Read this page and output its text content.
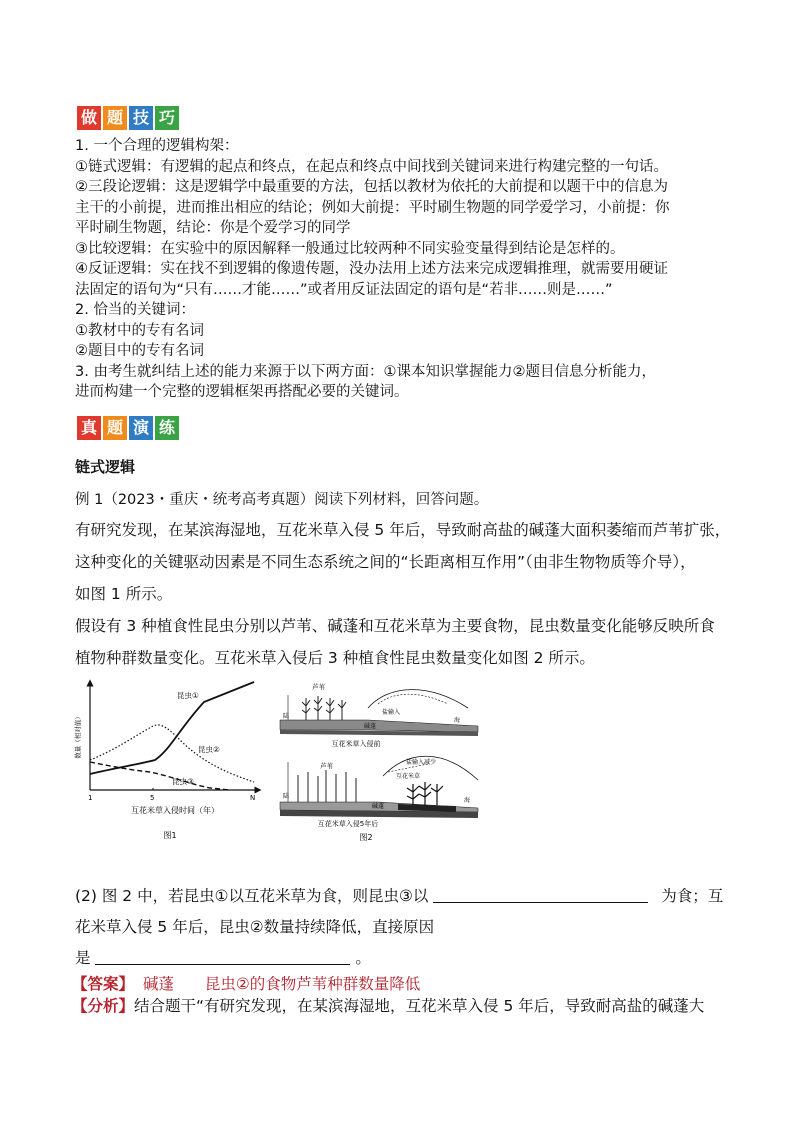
做 题 技 巧
1. 一个合理的逻辑构架：
①链式逻辑：有逻辑的起点和终点，在起点和终点中间找到关键词来进行构建完整的一句话。
②三段论逻辑：这是逻辑学中最重要的方法，包括以教材为依托的大前提和以题干中的信息为
主干的小前提，进而推出相应的结论；例如大前提：平时刷生物题的同学爱学习，小前提：你
平时刷生物题，结论：你是个爱学习的同学
③比较逻辑：在实验中的原因解释一般通过比较两种不同实验变量得到结论是怎样的。
④反证逻辑：实在找不到逻辑的像遗传题，没办法用上述方法来完成逻辑推理，就需要用硬证
法固定的语句为“只有……才能……”或者用反证法固定的语句是“若非……则是……”
2. 恰当的关键词：
①教材中的专有名词
②题目中的专有名词
3. 由考生就纠结上述的能力来源于以下两方面：①课本知识掌握能力②题目信息分析能力，
进而构建一个完整的逻辑框架再搭配必要的关键词。
真 题 演 练
链式逻辑
例 1（2023・重庆・统考高考真题）阅读下列材料，回答问题。
有研究发现，在某滨海湿地，互花米草入侵 5 年后，导致耐高盐的碱蓬大面积萎缩而芦苇扩张，
这种变化的关键驱动因素是不同生态系统之间的“长距离相互作用”（由非生物物质等介导），
如图 1 所示。
假设有 3 种植食性昆虫分别以芦苇、碱蓬和互花米草为主要食物，昆虫数量变化能够反映所食
植物种群数量变化。互花米草入侵后 3 种植食性昆虫数量变化如图 2 所示。
数量（相对值）
昆虫①
昆虫②
昆虫③
1	5	N
互花米草入侵时间（年）
图1
芦苇
陆
碱蓬
海
盐输入
互花米草入侵前
芦苇
陆
碱蓬
海
互花米草
盐输入减少
互花米草入侵5年后
图2
(2) 图 2 中，若昆虫①以互花米草为食，则昆虫③以	为食；互
花米草入侵 5 年后，昆虫②数量持续降低，直接原因
是	。
【答案】 碱蓬 昆虫②的食物芦苇种群数量降低
【分析】结合题干“有研究发现，在某滨海湿地，互花米草入侵 5 年后，导致耐高盐的碱蓬大
